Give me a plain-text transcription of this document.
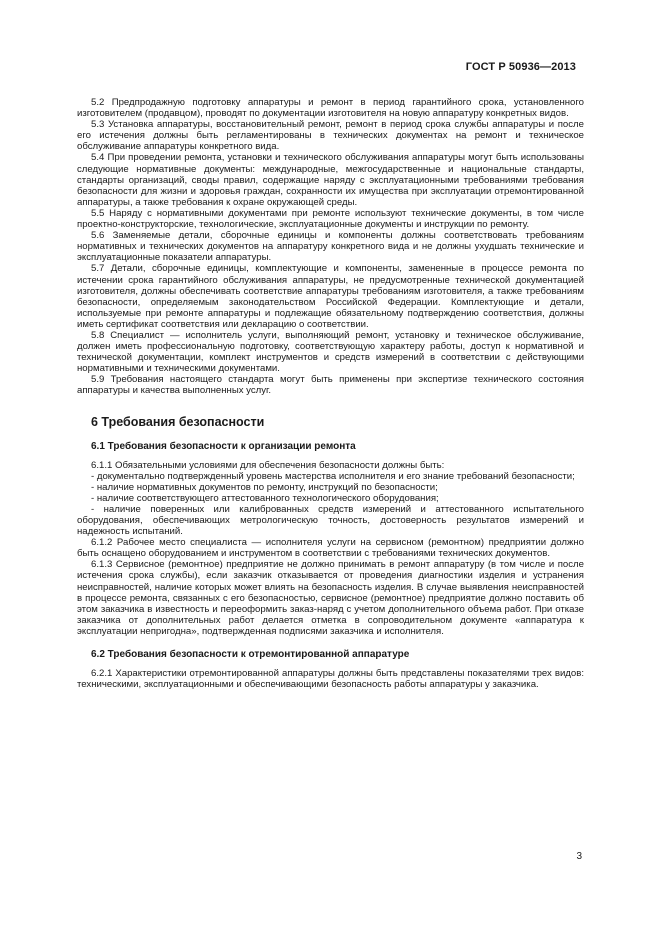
ГОСТ Р 50936—2013

5.2 Предпродажную подготовку аппаратуры и ремонт в период гарантийного срока, установленного изготовителем (продавцом), проводят по документации изготовителя на новую аппаратуру конкретных видов.

5.3 Установка аппаратуры, восстановительный ремонт, ремонт в период срока службы аппаратуры и после его истечения должны быть регламентированы в технических документах на ремонт и техническое обслуживание аппаратуры конкретного вида.

5.4 При проведении ремонта, установки и технического обслуживания аппаратуры могут быть использованы следующие нормативные документы: международные, межгосударственные и национальные стандарты, стандарты организаций, своды правил, содержащие наряду с эксплуатационными требованиями требования безопасности для жизни и здоровья граждан, сохранности их имущества при эксплуатации отремонтированной аппаратуры, а также требования к охране окружающей среды.

5.5 Наряду с нормативными документами при ремонте используют технические документы, в том числе проектно-конструкторские, технологические, эксплуатационные документы и инструкции по ремонту.

5.6 Заменяемые детали, сборочные единицы и компоненты должны соответствовать требованиям нормативных и технических документов на аппаратуру конкретного вида и не должны ухудшать технические и эксплуатационные показатели аппаратуры.

5.7 Детали, сборочные единицы, комплектующие и компоненты, замененные в процессе ремонта по истечении срока гарантийного обслуживания аппаратуры, не предусмотренные технической документацией изготовителя, должны обеспечивать соответствие аппаратуры требованиям изготовителя, а также требованиям безопасности, определяемым законодательством Российской Федерации. Комплектующие и детали, используемые при ремонте аппаратуры и подлежащие обязательному подтверждению соответствия, должны иметь сертификат соответствия или декларацию о соответствии.

5.8 Специалист — исполнитель услуги, выполняющий ремонт, установку и техническое обслуживание, должен иметь профессиональную подготовку, соответствующую характеру работы, доступ к нормативной и технической документации, комплект инструментов и средств измерений в соответствии с действующими нормативными и техническими документами.

5.9 Требования настоящего стандарта могут быть применены при экспертизе технического состояния аппаратуры и качества выполненных услуг.

6 Требования безопасности
6.1 Требования безопасности к организации ремонта

6.1.1 Обязательными условиями для обеспечения безопасности должны быть:

- документально подтвержденный уровень мастерства исполнителя и его знание требований безопасности;

- наличие нормативных документов по ремонту, инструкций по безопасности;

- наличие соответствующего аттестованного технологического оборудования;

- наличие поверенных или калиброванных средств измерений и аттестованного испытательного оборудования, обеспечивающих метрологическую точность, достоверность результатов измерений и надежность испытаний.

6.1.2 Рабочее место специалиста — исполнителя услуги на сервисном (ремонтном) предприятии должно быть оснащено оборудованием и инструментом в соответствии с требованиями технических документов.

6.1.3 Сервисное (ремонтное) предприятие не должно принимать в ремонт аппаратуру (в том числе и после истечения срока службы), если заказчик отказывается от проведения диагностики изделия и устранения неисправностей, наличие которых может влиять на безопасность изделия. В случае выявления неисправностей в процессе ремонта, связанных с его безопасностью, сервисное (ремонтное) предприятие должно поставить об этом заказчика в известность и переоформить заказ-наряд с учетом дополнительного объема работ. При отказе заказчика от дополнительных работ делается отметка в сопроводительном документе «аппаратура к эксплуатации непригодна», подтвержденная подписями заказчика и исполнителя.

6.2 Требования безопасности к отремонтированной аппаратуре

6.2.1 Характеристики отремонтированной аппаратуры должны быть представлены показателями трех видов: техническими, эксплуатационными и обеспечивающими безопасность работы аппаратуры у заказчика.

3
